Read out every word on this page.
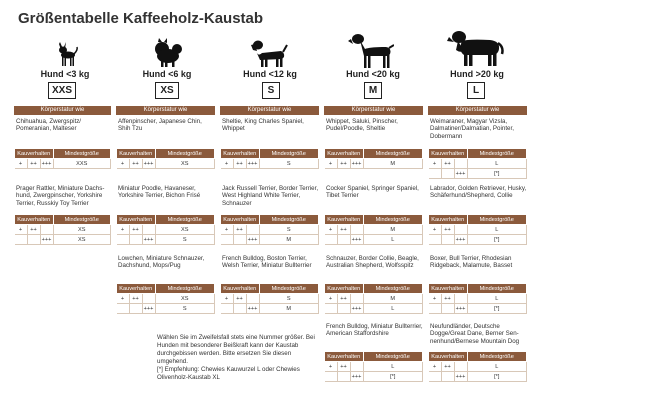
Größentabelle Kaffeeholz-Kaustab
Hund <3 kg
XXS
Hund <6 kg
XS
Hund <12 kg
S
Hund <20 kg
M
Hund >20 kg
L
Körperstatur wie	Körperstatur wie	Körperstatur wie	Körperstatur wie	Körperstatur wie
Chihuahua, Zwergspitz/ Pomeranian, Malteser
Kauverhalten			Mindestgröße
+	++	+++	XXS
Prager Rattler, Miniature Dachs-hund, Zwergpinscher, Yorkshire Terrier, Russkiy Toy Terrier
Kauverhalten			Mindestgröße
+	++		XS
		+++	XS
Affenpinscher, Japanese Chin, Shih Tzu
Kauverhalten			Mindestgröße
+	++	+++	XS
Miniatur Poodle, Havaneser, Yorkshire Terrier, Bichon Frisé
Kauverhalten			Mindestgröße
+	++		XS
		+++	S
Lowchen, Miniature Schnauzer, Dachshund, Mops/Pug
Kauverhalten			Mindestgröße
+	++		XS
		+++	S
Sheltie, King Charles Spaniel, Whippet
Kauverhalten			Mindestgröße
+	++	+++	S
Jack Russell Terrier, Border Terrier, West Highland White Terrier, Schnauzer
Kauverhalten			Mindestgröße
+	++		S
		+++	M
French Bulldog, Boston Terrier, Welsh Terrier, Miniatur Bullterrier
Kauverhalten			Mindestgröße
+	++		S
		+++	M
Whippet, Saluki, Pinscher, Pudel/Poodle, Sheltie
Kauverhalten			Mindestgröße
+	++	+++	M
Cocker Spaniel, Springer Spaniel, Tibet Terrier
Kauverhalten			Mindestgröße
+	++		M
		+++	L
Schnauzer, Border Collie, Beagle, Australian Shepherd, Wolfsspitz
Kauverhalten			Mindestgröße
+	++		M
		+++	L
French Bulldog, Miniatur Bullterrier, American Staffordshire
Kauverhalten			Mindestgröße
+	++		L
		+++	[*]
Weimaraner, Magyar Vizsla, Dalmatiner/Dalmatian, Pointer, Dobermann
Kauverhalten			Mindestgröße
+	++		L
		+++	[*]
Labrador, Golden Retriever, Husky, Schäferhund/Shepherd, Collie
Kauverhalten			Mindestgröße
+	++		L
		+++	[*]
Boxer, Bull Terrier, Rhodesian Ridgeback, Malamute, Basset
Kauverhalten			Mindestgröße
+	++		L
		+++	[*]
Neufundländer, Deutsche Dogge/Great Dane, Berner Sen-nenhund/Bernese Mountain Dog
Kauverhalten			Mindestgröße
+	++		L
		+++	[*]
Wählen Sie im Zweifelsfall stets eine Nummer größer. Bei Hunden mit besonderer Beißkraft kann der Kaustab durchgebissen werden. Bitte ersetzen Sie diesen umgehend.
[*] Empfehlung: Chewies Kauwurzel L oder Chewies Olivenholz-Kaustab XL
